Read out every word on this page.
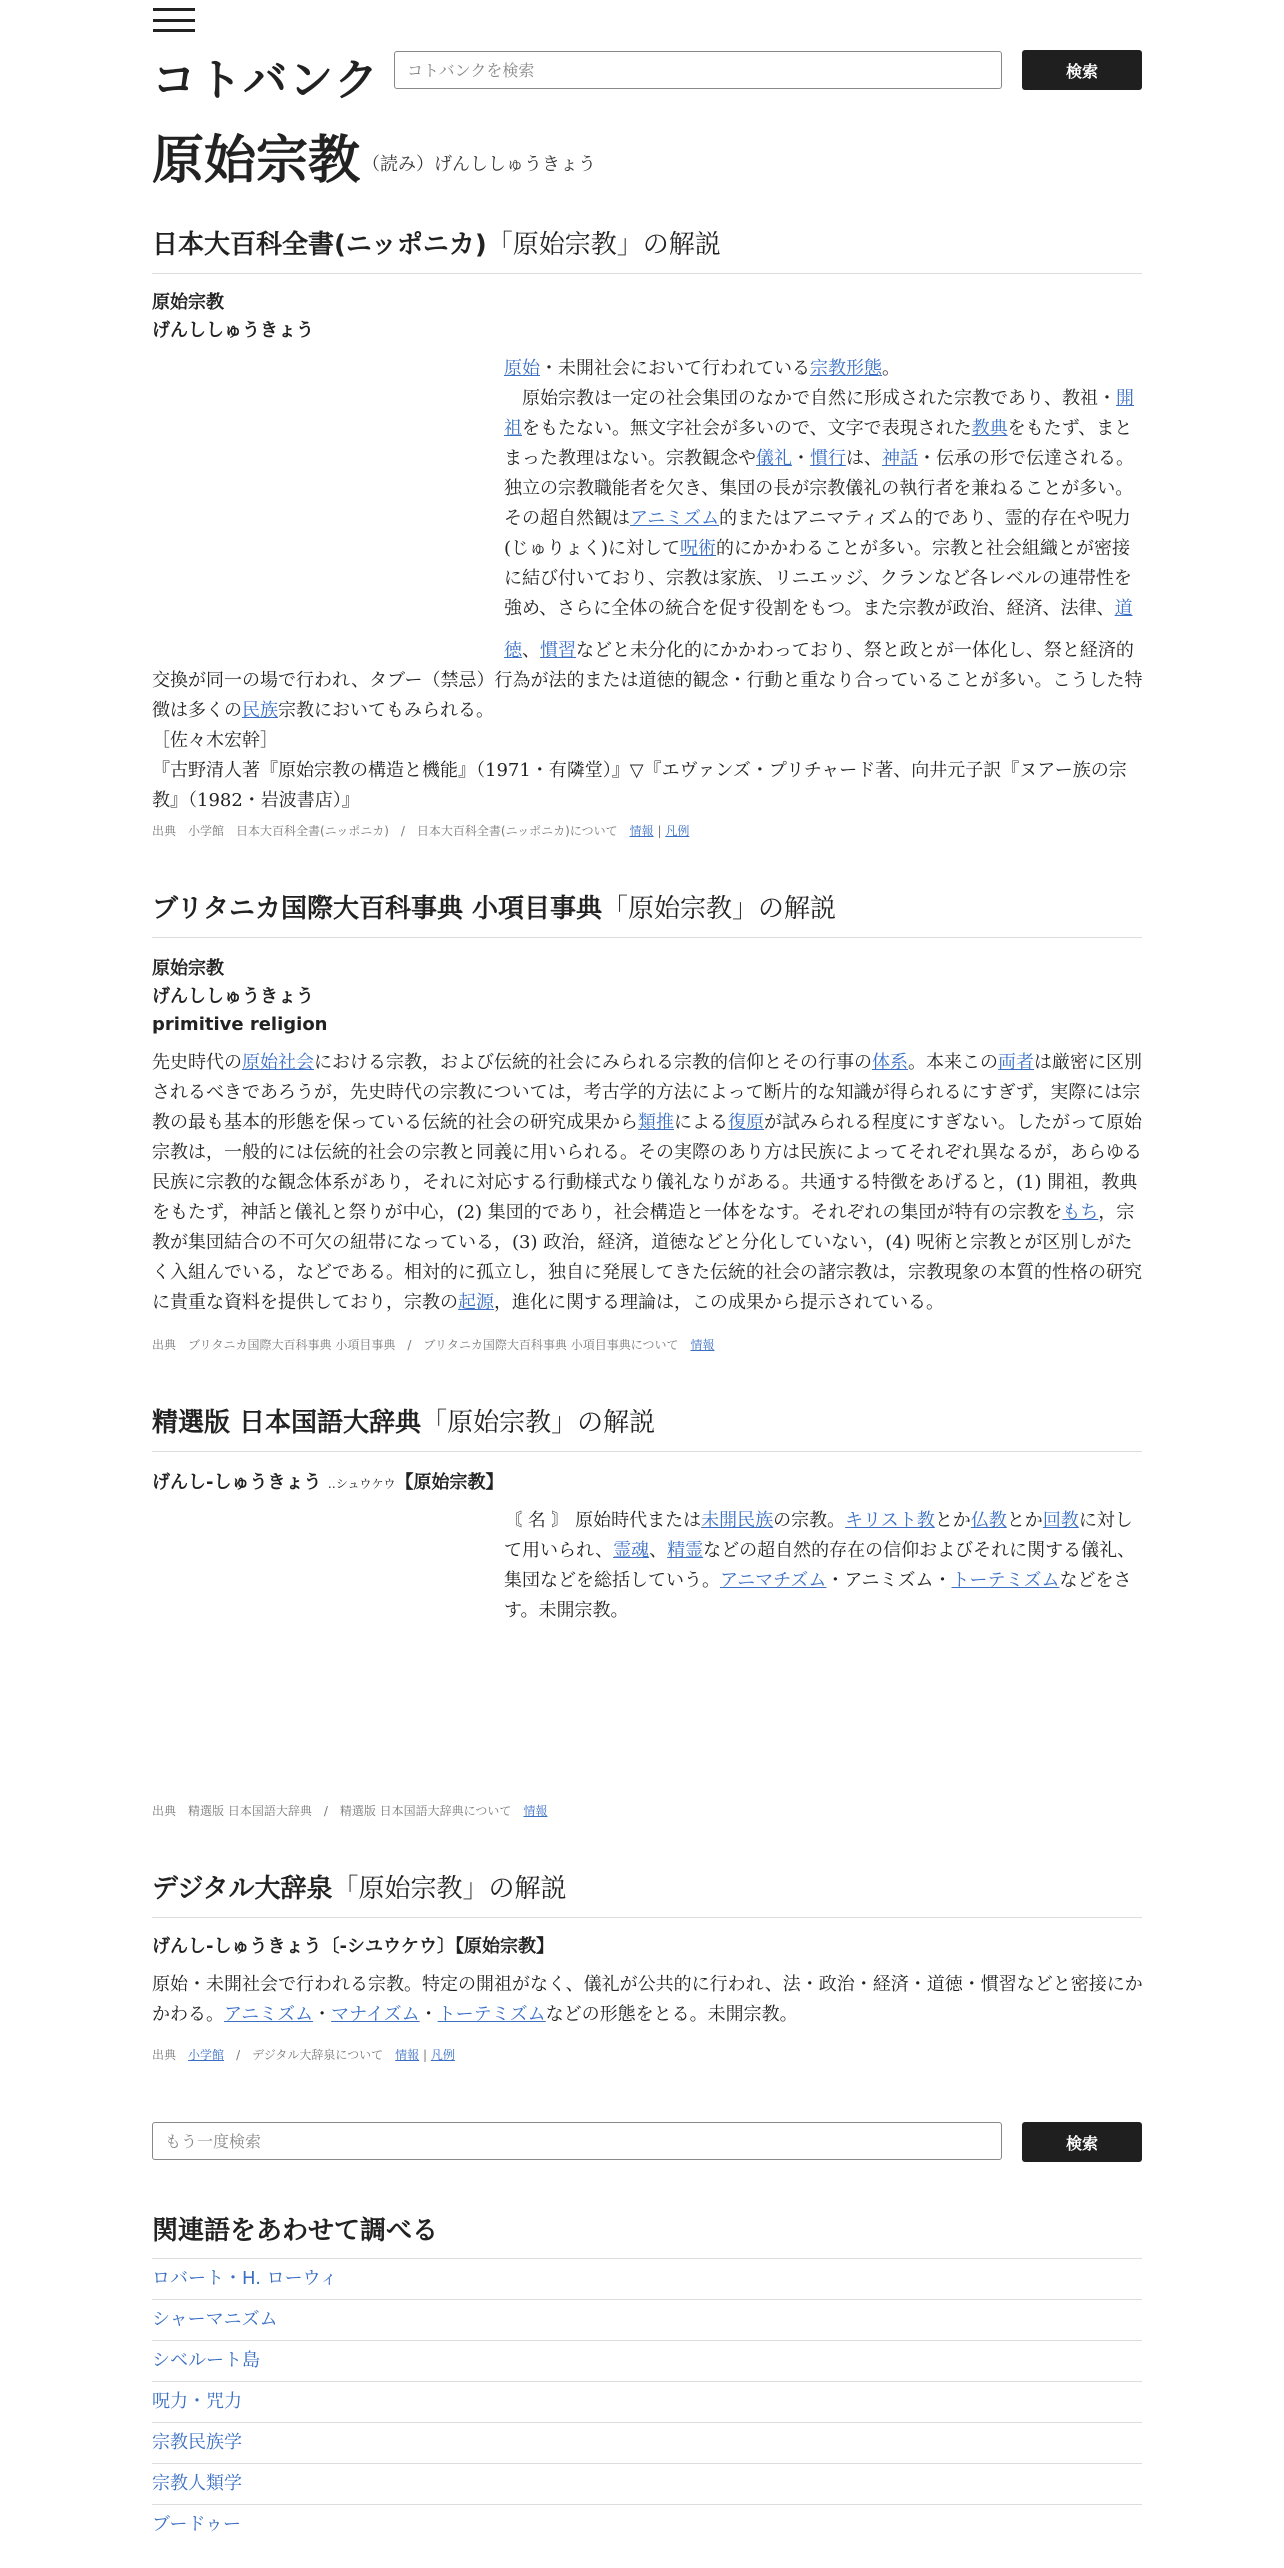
コトバンク
コトバンクを検索	検索
原始宗教 （読み）げんししゅうきょう
日本大百科全書(ニッポニカ)「原始宗教」の解説
原始宗教
げんししゅうきょう
原始・未開社会において行われている宗教形態。
　原始宗教は一定の社会集団のなかで自然に形成された宗教であり、教祖・開祖をもたない。無文字社会が多いので、文字で表現された教典をもたず、まとまった教理はない。宗教観念や儀礼・慣行は、神話・伝承の形で伝達される。独立の宗教職能者を欠き、集団の長が宗教儀礼の執行者を兼ねることが多い。その超自然観はアニミズム的またはアニマティズム的であり、霊的存在や呪力(じゅりょく)に対して呪術的にかかわることが多い。宗教と社会組織とが密接に結び付いており、宗教は家族、リニエッジ、クランなど各レベルの連帯性を強め、さらに全体の統合を促す役割をもつ。また宗教が政治、経済、法律、道
徳、慣習などと未分化的にかかわっており、祭と政とが一体化し、祭と経済的
交換が同一の場で行われ、タブー（禁忌）行為が法的または道徳的観念・行動と重なり合っていることが多い。こうした特徴は多くの民族宗教においてもみられる。
［佐々木宏幹］
『古野清人著『原始宗教の構造と機能』（1971・有隣堂）』▽『エヴァンズ・プリチャード著、向井元子訳『ヌアー族の宗教』（1982・岩波書店）』
出典　小学館　日本大百科全書(ニッポニカ)　/　日本大百科全書(ニッポニカ)について　 情報 | 凡例
ブリタニカ国際大百科事典 小項目事典「原始宗教」の解説
原始宗教
げんししゅうきょう
primitive religion
先史時代の原始社会における宗教，および伝統的社会にみられる宗教的信仰とその行事の体系。本来この両者は厳密に区別されるべきであろうが，先史時代の宗教については，考古学的方法によって断片的な知識が得られるにすぎず，実際には宗教の最も基本的形態を保っている伝統的社会の研究成果から類推による復原が試みられる程度にすぎない。したがって原始宗教は，一般的には伝統的社会の宗教と同義に用いられる。その実際のあり方は民族によってそれぞれ異なるが，あらゆる民族に宗教的な観念体系があり，それに対応する行動様式なり儀礼なりがある。共通する特徴をあげると，(1) 開祖，教典をもたず，神話と儀礼と祭りが中心，(2) 集団的であり，社会構造と一体をなす。それぞれの集団が特有の宗教をもち，宗教が集団結合の不可欠の紐帯になっている，(3) 政治，経済，道徳などと分化していない，(4) 呪術と宗教とが区別しがたく入組んでいる，などである。相対的に孤立し，独自に発展してきた伝統的社会の諸宗教は，宗教現象の本質的性格の研究に貴重な資料を提供しており，宗教の起源，進化に関する理論は，この成果から提示されている。
出典　ブリタニカ国際大百科事典 小項目事典　/　ブリタニカ国際大百科事典 小項目事典について　 情報
精選版 日本国語大辞典「原始宗教」の解説
げんし‐しゅうきょう ‥シュウケウ【原始宗教】
〘 名 〙 原始時代または未開民族の宗教。キリスト教とか仏教とか回教に対して用いられ、霊魂、精霊などの超自然的存在の信仰およびそれに関する儀礼、集団などを総括していう。アニマチズム・アニミズム・トーテミズムなどをさす。未開宗教。
出典　精選版 日本国語大辞典　/　精選版 日本国語大辞典について　 情報
デジタル大辞泉「原始宗教」の解説
げんし‐しゅうきょう〔‐シユウケウ〕【原始宗教】
原始・未開社会で行われる宗教。特定の開祖がなく、儀礼が公共的に行われ、法・政治・経済・道徳・慣習などと密接にかかわる。アニミズム・マナイズム・トーテミズムなどの形態をとる。未開宗教。
出典　 小学館　 /　デジタル大辞泉について　 情報 | 凡例
もう一度検索
検索
関連語をあわせて調べる
ロバート・H. ローウィ
シャーマニズム
シベルート島
呪力・咒力
宗教民族学
宗教人類学
ブードゥー
